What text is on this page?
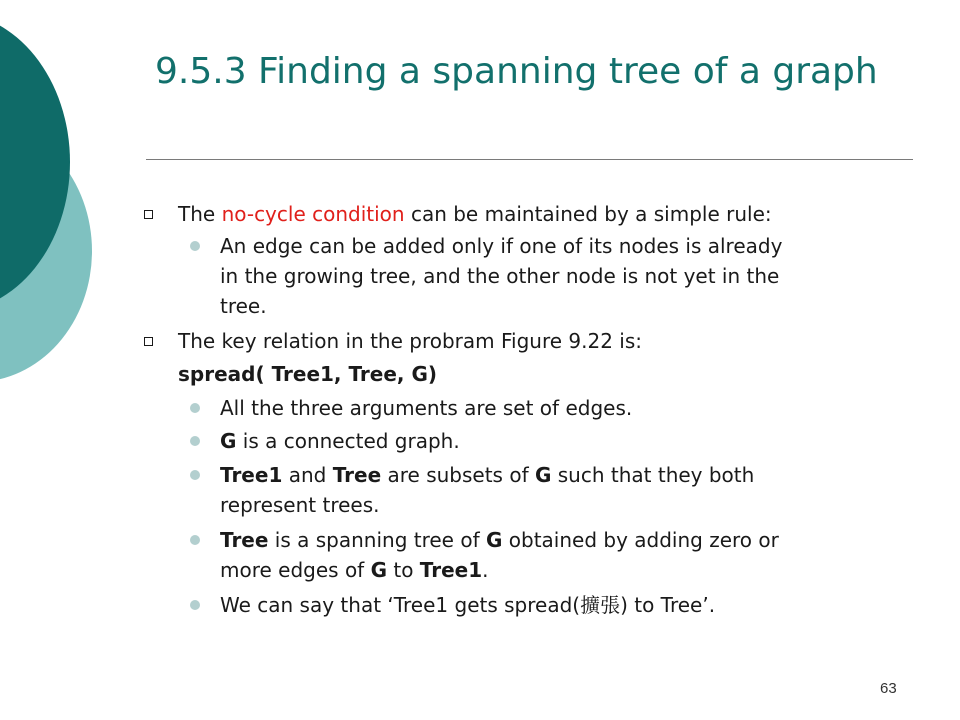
9.5.3 Finding a spanning tree of a graph
The no-cycle condition can be maintained by a simple rule:
An edge can be added only if one of its nodes is already
in the growing tree, and the other node is not yet in the
tree.
The key relation in the probram Figure 9.22 is:
spread( Tree1, Tree, G)
All the three arguments are set of edges.
G is a connected graph.
Tree1 and Tree are subsets of G such that they both
represent trees.
Tree is a spanning tree of G obtained by adding zero or
more edges of G to Tree1.
We can say that ‘Tree1 gets spread(擴張) to Tree’.
63
